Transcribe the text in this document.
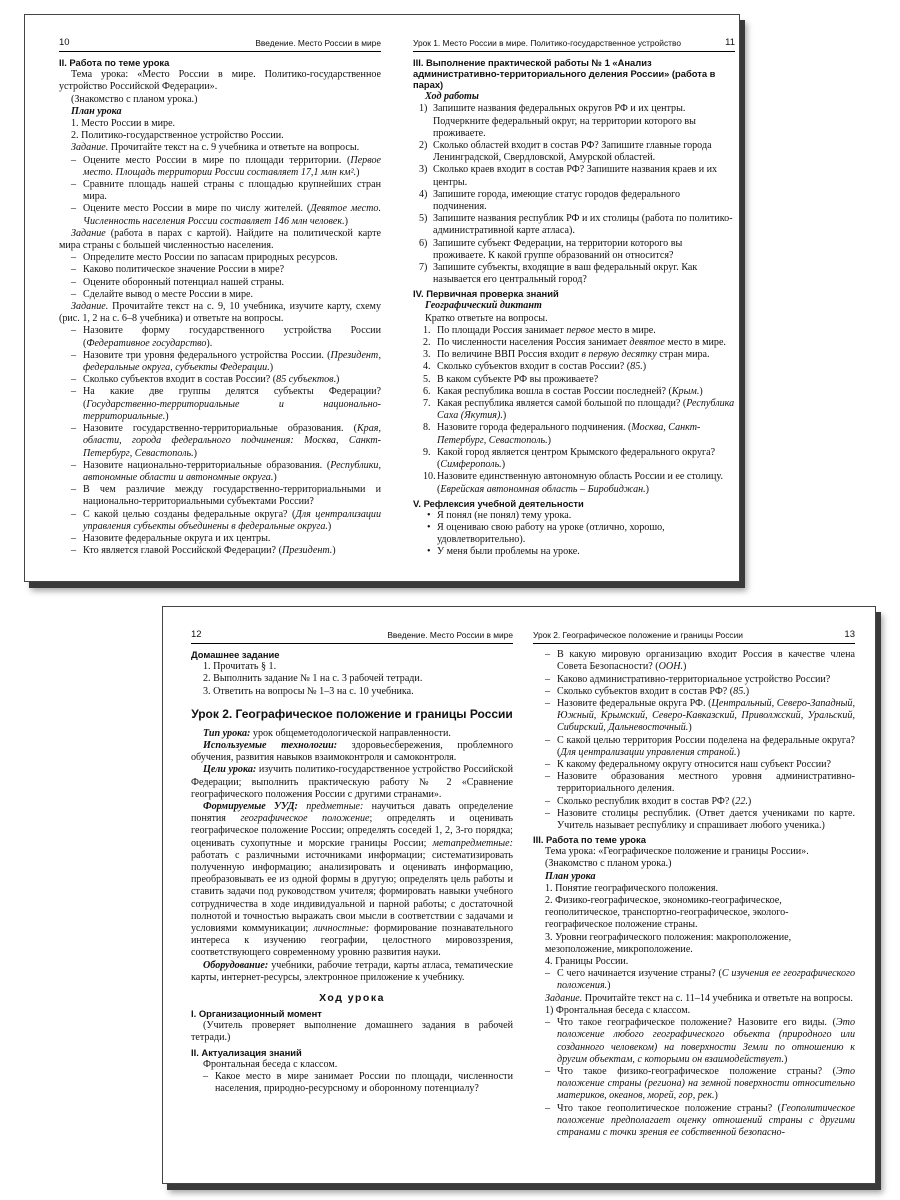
10	Введение. Место России в мире
II. Работа по теме урока
Тема урока: «Место России в мире. Политико-государственное устройство Российской Федерации».
(Знакомство с планом урока.)
План урока
1. Место России в мире.
2. Политико-государственное устройство России.
Задание. Прочитайте текст на с. 9 учебника и ответьте на вопросы.
– Оцените место России в мире по площади территории. (Первое место. Площадь территории России составляет 17,1 млн км².)
– Сравните площадь нашей страны с площадью крупнейших стран мира.
– Оцените место России в мире по числу жителей. (Девятое место. Численность населения России составляет 146 млн человек.)
Задание (работа в парах с картой). Найдите на политической карте мира страны с большей численностью населения.
– Определите место России по запасам природных ресурсов.
– Каково политическое значение России в мире?
– Оцените оборонный потенциал нашей страны.
– Сделайте вывод о месте России в мире.
Задание. Прочитайте текст на с. 9, 10 учебника, изучите карту, схему (рис. 1, 2 на с. 6–8 учебника) и ответьте на вопросы.
– Назовите форму государственного устройства России (Федеративное государство).
– Назовите три уровня федерального устройства России. (Президент, федеральные округа, субъекты Федерации.)
– Сколько субъектов входит в состав России? (85 субъектов.)
– На какие две группы делятся субъекты Федерации? (Государственно-территориальные и национально-территориальные.)
– Назовите государственно-территориальные образования. (Края, области, города федерального подчинения: Москва, Санкт-Петербург, Севастополь.)
– Назовите национально-территориальные образования. (Республики, автономные области и автономные округа.)
– В чем различие между государственно-территориальными и национально-территориальными субъектами России?
– С какой целью созданы федеральные округа? (Для централизации управления субъекты объединены в федеральные округа.)
– Назовите федеральные округа и их центры.
– Кто является главой Российской Федерации? (Президент.)
Урок 1. Место России в мире. Политико-государственное устройство	11
III. Выполнение практической работы № 1 «Анализ административно-территориального деления России» (работа в парах)
Ход работы
1) Запишите названия федеральных округов РФ и их центры. Подчеркните федеральный округ, на территории которого вы проживаете.
2) Сколько областей входит в состав РФ? Запишите главные города Ленинградской, Свердловской, Амурской областей.
3) Сколько краев входит в состав РФ? Запишите названия краев и их центры.
4) Запишите города, имеющие статус городов федерального подчинения.
5) Запишите названия республик РФ и их столицы (работа по политико-административной карте атласа).
6) Запишите субъект Федерации, на территории которого вы проживаете. К какой группе образований он относится?
7) Запишите субъекты, входящие в ваш федеральный округ. Как называется его центральный город?
IV. Первичная проверка знаний
Географический диктант
Кратко ответьте на вопросы.
1. По площади Россия занимает первое место в мире.
2. По численности населения Россия занимает девятое место в мире.
3. По величине ВВП Россия входит в первую десятку стран мира.
4. Сколько субъектов входит в состав России? (85.)
5. В каком субъекте РФ вы проживаете?
6. Какая республика вошла в состав России последней? (Крым.)
7. Какая республика является самой большой по площади? (Республика Саха (Якутия).)
8. Назовите города федерального подчинения. (Москва, Санкт-Петербург, Севастополь.)
9. Какой город является центром Крымского федерального округа? (Симферополь.)
10. Назовите единственную автономную область России и ее столицу. (Еврейская автономная область – Биробиджан.)
V. Рефлексия учебной деятельности
• Я понял (не понял) тему урока.
• Я оцениваю свою работу на уроке (отлично, хорошо, удовлетворительно).
• У меня были проблемы на уроке.
12	Введение. Место России в мире
Домашнее задание
1. Прочитать § 1.
2. Выполнить задание № 1 на с. 3 рабочей тетради.
3. Ответить на вопросы № 1–3 на с. 10 учебника.
Урок 2. Географическое положение и границы России
Тип урока: урок общеметодологической направленности.
Используемые технологии: здоровьесбережения, проблемного обучения, развития навыков взаимоконтроля и самоконтроля.
Цели урока: изучить политико-государственное устройство Российской Федерации; выполнить практическую работу № 2 «Сравнение географического положения России с другими странами».
Формируемые УУД: предметные: научиться давать определение понятия географическое положение; определять и оценивать географическое положение России; определять соседей 1, 2, 3-го порядка; оценивать сухопутные и морские границы России; метапредметные: работать с различными источниками информации; систематизировать полученную информацию; анализировать и оценивать информацию, преобразовывать ее из одной формы в другую; определять цель работы и ставить задачи под руководством учителя; формировать навыки учебного сотрудничества в ходе индивидуальной и парной работы; с достаточной полнотой и точностью выражать свои мысли в соответствии с задачами и условиями коммуникации; личностные: формирование познавательного интереса к изучению географии, целостного мировоззрения, соответствующего современному уровню развития науки.
Оборудование: учебники, рабочие тетради, карты атласа, тематические карты, интернет-ресурсы, электронное приложение к учебнику.
Ход урока
I. Организационный момент
(Учитель проверяет выполнение домашнего задания в рабочей тетради.)
II. Актуализация знаний
Фронтальная беседа с классом.
– Какое место в мире занимает России по площади, численности населения, природно-ресурсному и оборонному потенциалу?
Урок 2. Географическое положение и границы России	13
– В какую мировую организацию входит Россия в качестве члена Совета Безопасности? (ООН.)
– Каково административно-территориальное устройство России?
– Сколько субъектов входит в состав РФ? (85.)
– Назовите федеральные округа РФ. (Центральный, Северо-Западный, Южный, Крымский, Северо-Кавказский, Приволжский, Уральский, Сибирский, Дальневосточный.)
– С какой целью территория России поделена на федеральные округа? (Для централизации управления страной.)
– К какому федеральному округу относится наш субъект России?
– Назовите образования местного уровня административно-территориального деления.
– Сколько республик входит в состав РФ? (22.)
– Назовите столицы республик. (Ответ дается учениками по карте. Учитель называет республику и спрашивает любого ученика.)
III. Работа по теме урока
Тема урока: «Географическое положение и границы России».
(Знакомство с планом урока.)
План урока
1. Понятие географического положения.
2. Физико-географическое, экономико-географическое, геополитическое, транспортно-географическое, эколого-географическое положение страны.
3. Уровни географического положения: макроположение, мезоположение, микроположение.
4. Границы России.
– С чего начинается изучение страны? (С изучения ее географического положения.)
Задание. Прочитайте текст на с. 11–14 учебника и ответьте на вопросы.
1) Фронтальная беседа с классом.
– Что такое географическое положение? Назовите его виды. (Это положение любого географического объекта (природного или созданного человеком) на поверхности Земли по отношению к другим объектам, с которыми он взаимодействует.)
– Что такое физико-географическое положение страны? (Это положение страны (региона) на земной поверхности относительно материков, океанов, морей, гор, рек.)
– Что такое геополитическое положение страны? (Геополитическое положение предполагает оценку отношений страны с другими странами с точки зрения ее собственной безопасно-
